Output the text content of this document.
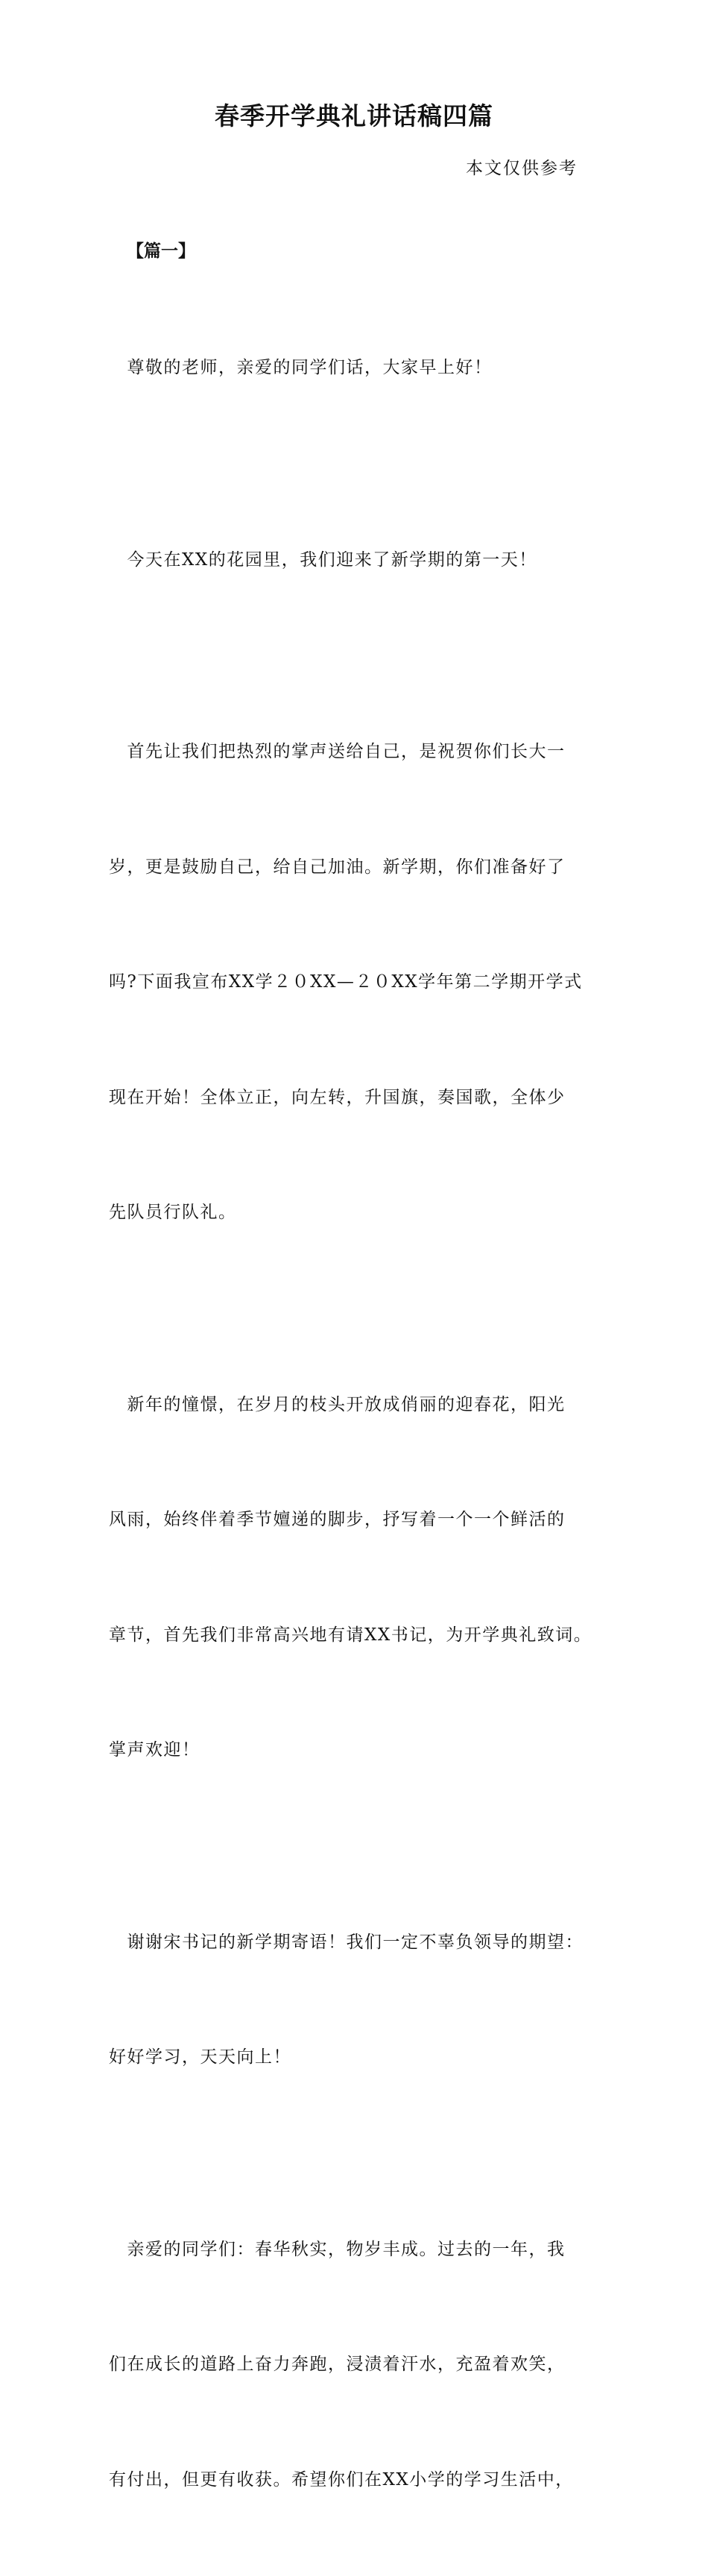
春季开学典礼讲话稿四篇

本文仅供参考

【篇一】

　尊敬的老师，亲爱的同学们话，大家早上好！

　今天在XX的花园里，我们迎来了新学期的第一天！

　首先让我们把热烈的掌声送给自己，是祝贺你们长大一

岁，更是鼓励自己，给自己加油。新学期，你们准备好了

吗?下面我宣布XX学２０XX—２０XX学年第二学期开学式

现在开始！全体立正，向左转，升国旗，奏国歌，全体少

先队员行队礼。

　新年的憧憬，在岁月的枝头开放成俏丽的迎春花，阳光

风雨，始终伴着季节嬗递的脚步，抒写着一个一个鲜活的

章节，首先我们非常高兴地有请XX书记，为开学典礼致词。

掌声欢迎！

　谢谢宋书记的新学期寄语！我们一定不辜负领导的期望：

好好学习，天天向上！

　亲爱的同学们：春华秋实，物岁丰成。过去的一年，我

们在成长的道路上奋力奔跑，浸渍着汗水，充盈着欢笑，

有付出，但更有收获。希望你们在XX小学的学习生活中，
